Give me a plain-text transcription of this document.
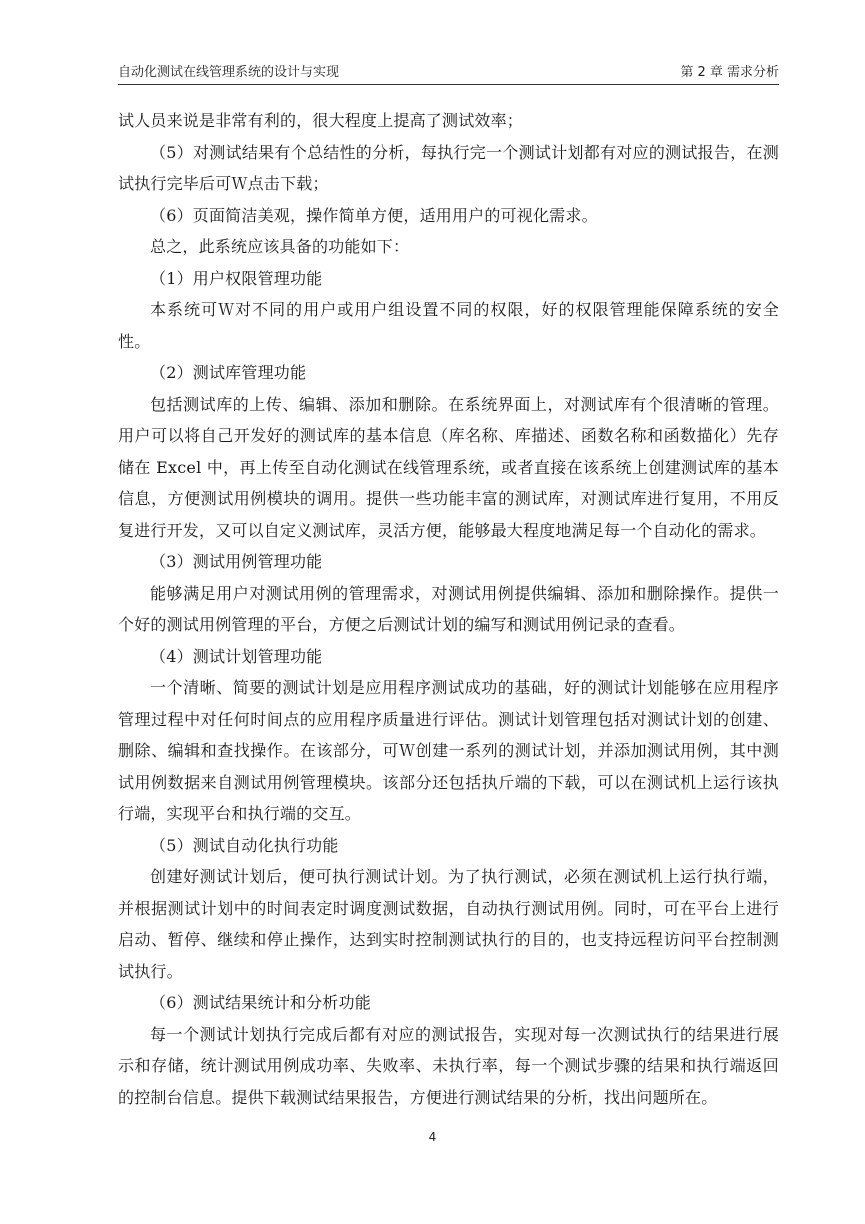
自动化测试在线管理系统的设计与实现	第 2 章 需求分析

试人员来说是非常有利的，很大程度上提高了测试效率；

（5）对测试结果有个总结性的分析，每执行完一个测试计划都有对应的测试报告，在测试执行完毕后可Ｗ点击下载；

（6）页面简洁美观，操作简单方便，适用用户的可视化需求。

总之，此系统应该具备的功能如下：

（1）用户权限管理功能

本系统可Ｗ对不同的用户或用户组设置不同的权限，好的权限管理能保障系统的安全性。

（2）测试库管理功能

包括测试库的上传、编辑、添加和删除。在系统界面上，对测试库有个很清晰的管理。用户可以将自己开发好的测试库的基本信息（库名称、库描述、函数名称和函数描化）先存储在 Excel 中，再上传至自动化测试在线管理系统，或者直接在该系统上创建测试库的基本信息，方便测试用例模块的调用。提供一些功能丰富的测试库，对测试库进行复用，不用反复进行开发，又可以自定义测试库，灵活方便，能够最大程度地满足每一个自动化的需求。

（3）测试用例管理功能

能够满足用户对测试用例的管理需求，对测试用例提供编辑、添加和删除操作。提供一个好的测试用例管理的平台，方便之后测试计划的编写和测试用例记录的查看。

（4）测试计划管理功能

一个清晰、简要的测试计划是应用程序测试成功的基础，好的测试计划能够在应用程序管理过程中对任何时间点的应用程序质量进行评估。测试计划管理包括对测试计划的创建、删除、编辑和查找操作。在该部分，可Ｗ创建一系列的测试计划，并添加测试用例，其中测试用例数据来自测试用例管理模块。该部分还包括执斤端的下载，可以在测试机上运行该执行端，实现平台和执行端的交互。

（5）测试自动化执行功能

创建好测试计划后，便可执行测试计划。为了执行测试，必须在测试机上运行执行端，并根据测试计划中的时间表定时调度测试数据，自动执行测试用例。同时，可在平台上进行启动、暂停、继续和停止操作，达到实时控制测试执行的目的，也支持远程访问平台控制测试执行。

（6）测试结果统计和分析功能

每一个测试计划执行完成后都有对应的测试报告，实现对每一次测试执行的结果进行展示和存储，统计测试用例成功率、失败率、未执行率，每一个测试步骤的结果和执行端返回的控制台信息。提供下载测试结果报告，方便进行测试结果的分析，找出问题所在。

4
